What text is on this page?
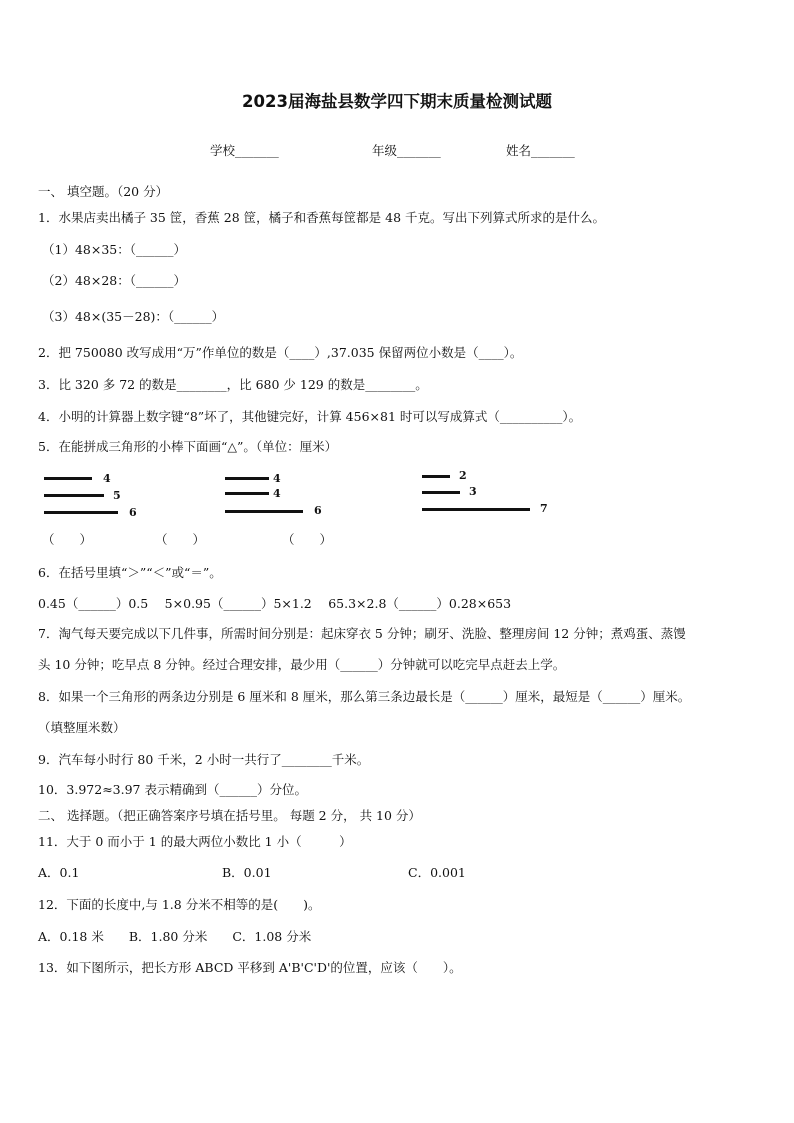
2023届海盐县数学四下期末质量检测试题
学校_______	年级_______	姓名_______
一、 填空题。（20 分）
1．水果店卖出橘子 35 筐，香蕉 28 筐，橘子和香蕉每筐都是 48 千克。写出下列算式所求的是什么。
（1）48×35：（______）
（2）48×28：（______）
（3）48×(35－28)：（______）
2．把 750080 改写成用“万”作单位的数是（____）,37.035 保留两位小数是（____）。
3．比 320 多 72 的数是________，比 680 少 129 的数是________。
4．小明的计算器上数字键“8”坏了，其他键完好，计算 456×81 时可以写成算式（__________）。
5．在能拼成三角形的小棒下面画“△”。（单位：厘米）
4
5
6
（　　）
4
4
6
（　　）
2
3
7
（　　）
6．在括号里填“＞”“＜”或“＝”。
0.45（______）0.5　 5×0.95（______）5×1.2　 65.3×2.8（______）0.28×653
7．淘气每天要完成以下几件事，所需时间分别是：起床穿衣 5 分钟；刷牙、洗脸、整理房间 12 分钟；煮鸡蛋、蒸馒
头 10 分钟；吃早点 8 分钟。经过合理安排，最少用（______）分钟就可以吃完早点赶去上学。
8．如果一个三角形的两条边分别是 6 厘米和 8 厘米，那么第三条边最长是（______）厘米，最短是（______）厘米。
（填整厘米数）
9．汽车每小时行 80 千米，2 小时一共行了________千米。
10．3.972≈3.97 表示精确到（______）分位。
二、 选择题。（把正确答案序号填在括号里。 每题 2 分， 共 10 分）
11．大于 0 而小于 1 的最大两位小数比 1 小（　　　）
A．0.1	B．0.01	C．0.001
12．下面的长度中,与 1.8 分米不相等的是(　　)。
A．0.18 米　　B．1.80 分米　　C．1.08 分米
13．如下图所示，把长方形 ABCD 平移到 A'B'C'D'的位置，应该（　　）。
